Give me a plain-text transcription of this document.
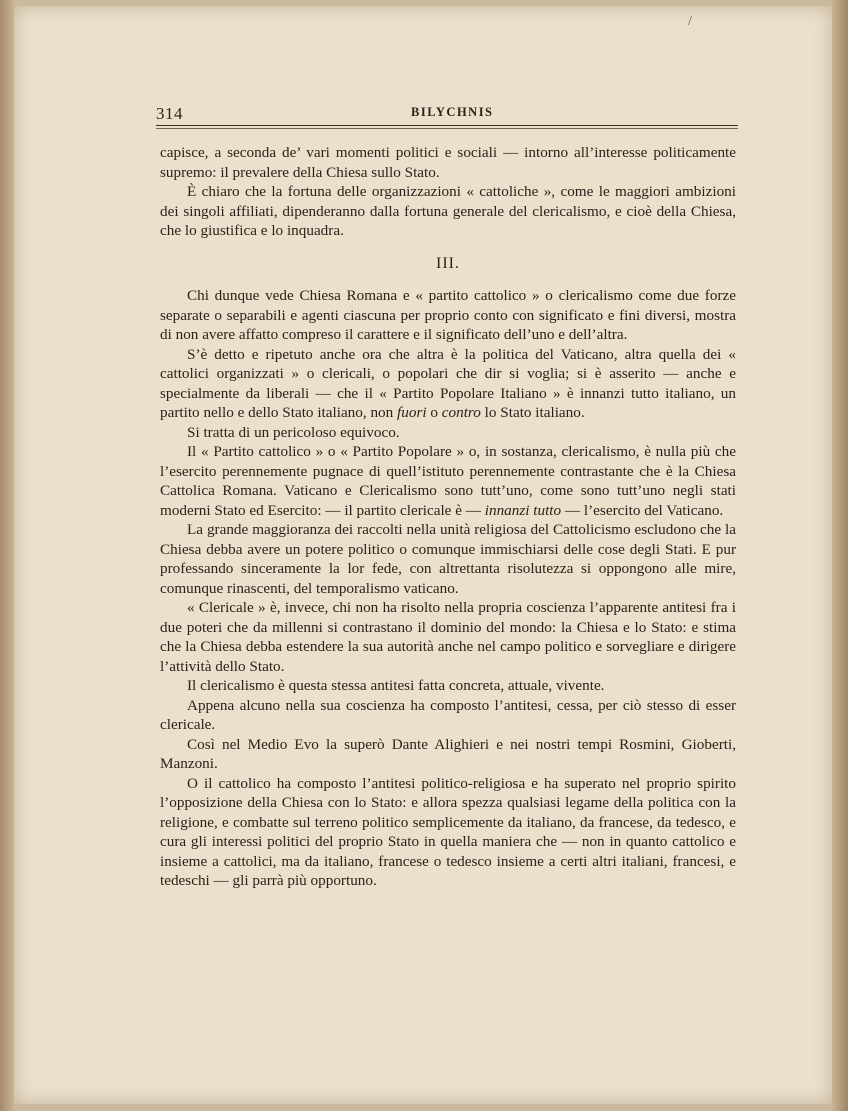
/
314	BILYCHNIS

capisce, a seconda de’ vari momenti politici e sociali — intorno all’interesse politicamente supremo: il prevalere della Chiesa sullo Stato.

È chiaro che la fortuna delle organizzazioni « cattoliche », come le maggiori ambizioni dei singoli affiliati, dipenderanno dalla fortuna generale del clericalismo, e cioè della Chiesa, che lo giustifica e lo inquadra.

III.

Chi dunque vede Chiesa Romana e « partito cattolico » o clericalismo come due forze separate o separabili e agenti ciascuna per proprio conto con significato e fini diversi, mostra di non avere affatto compreso il carattere e il significato dell’uno e dell’altra.

S’è detto e ripetuto anche ora che altra è la politica del Vaticano, altra quella dei « cattolici organizzati » o clericali, o popolari che dir si voglia; si è asserito — anche e specialmente da liberali — che il « Partito Popolare Italiano » è innanzi tutto italiano, un partito nello e dello Stato italiano, non fuori o contro lo Stato italiano.

Si tratta di un pericoloso equivoco.

Il « Partito cattolico » o « Partito Popolare » o, in sostanza, clericalismo, è nulla più che l’esercito perennemente pugnace di quell’istituto perennemente contrastante che è la Chiesa Cattolica Romana. Vaticano e Clericalismo sono tutt’uno, come sono tutt’uno negli stati moderni Stato ed Esercito: — il partito clericale è — innanzi tutto — l’esercito del Vaticano.

La grande maggioranza dei raccolti nella unità religiosa del Cattolicismo escludono che la Chiesa debba avere un potere politico o comunque immischiarsi delle cose degli Stati. E pur professando sinceramente la lor fede, con altrettanta risolutezza si oppongono alle mire, comunque rinascenti, del temporalismo vaticano.

« Clericale » è, invece, chi non ha risolto nella propria coscienza l’apparente antitesi fra i due poteri che da millenni si contrastano il dominio del mondo: la Chiesa e lo Stato: e stima che la Chiesa debba estendere la sua autorità anche nel campo politico e sorvegliare e dirigere l’attività dello Stato.

Il clericalismo è questa stessa antitesi fatta concreta, attuale, vivente.

Appena alcuno nella sua coscienza ha composto l’antitesi, cessa, per ciò stesso di esser clericale.

Così nel Medio Evo la superò Dante Alighieri e nei nostri tempi Rosmini, Gioberti, Manzoni.

O il cattolico ha composto l’antitesi politico-religiosa e ha superato nel proprio spirito l’opposizione della Chiesa con lo Stato: e allora spezza qualsiasi legame della politica con la religione, e combatte sul terreno politico semplicemente da italiano, da francese, da tedesco, e cura gli interessi politici del proprio Stato in quella maniera che — non in quanto cattolico e insieme a cattolici, ma da italiano, francese o tedesco insieme a certi altri italiani, francesi, e tedeschi — gli parrà più opportuno.
